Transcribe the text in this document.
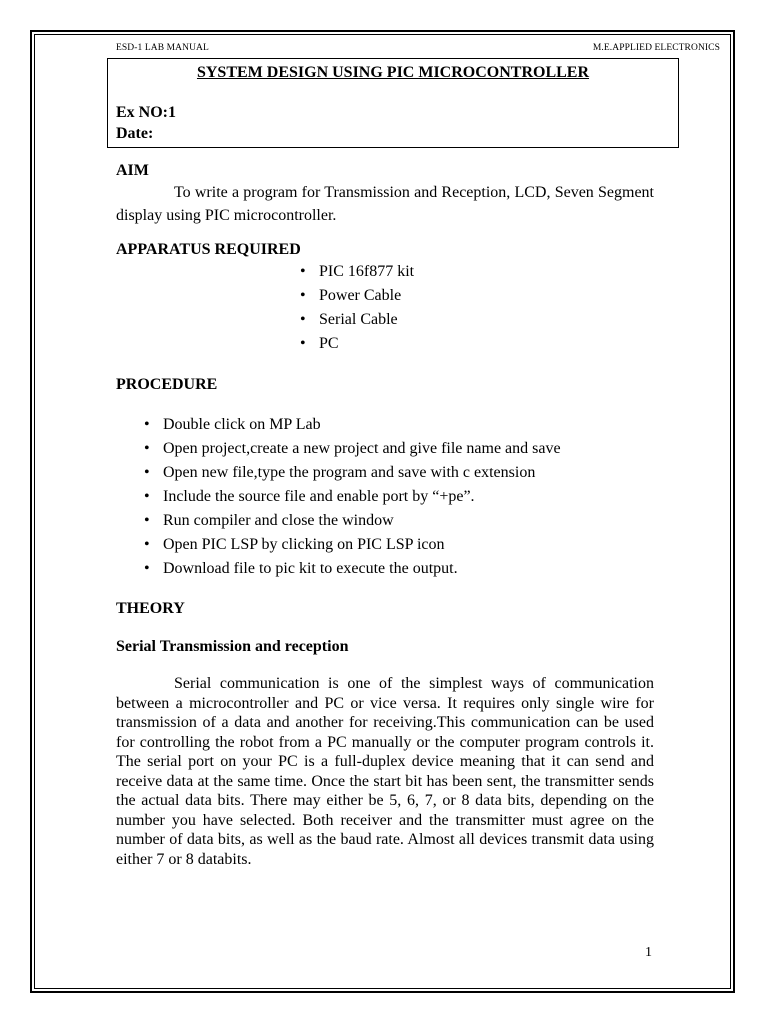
ESD-1 LAB MANUAL	M.E.APPLIED ELECTRONICS
SYSTEM DESIGN USING PIC MICROCONTROLLER
Ex NO:1
Date:
AIM

To write a program for Transmission and Reception, LCD, Seven Segment display using PIC microcontroller.

APPARATUS REQUIRED
• PIC 16f877 kit
• Power Cable
• Serial Cable
• PC
PROCEDURE
• Double click on MP Lab
• Open project,create a new project and give file name and save
• Open new file,type the program and save with c extension
• Include the source file and enable port by “+pe”.
• Run compiler and close the window
• Open PIC LSP by clicking on PIC LSP icon
• Download file to pic kit to execute the output.
THEORY
Serial Transmission and reception

Serial communication is one of the simplest ways of communication between a microcontroller and PC or vice versa. It requires only single wire for transmission of a data and another for receiving.This communication can be used for controlling the robot from a PC manually or the computer program controls it. The serial port on your PC is a full-duplex device meaning that it can send and receive data at the same time. Once the start bit has been sent, the transmitter sends the actual data bits. There may either be 5, 6, 7, or 8 data bits, depending on the number you have selected. Both receiver and the transmitter must agree on the number of data bits, as well as the baud rate. Almost all devices transmit data using either 7 or 8 databits.

1
